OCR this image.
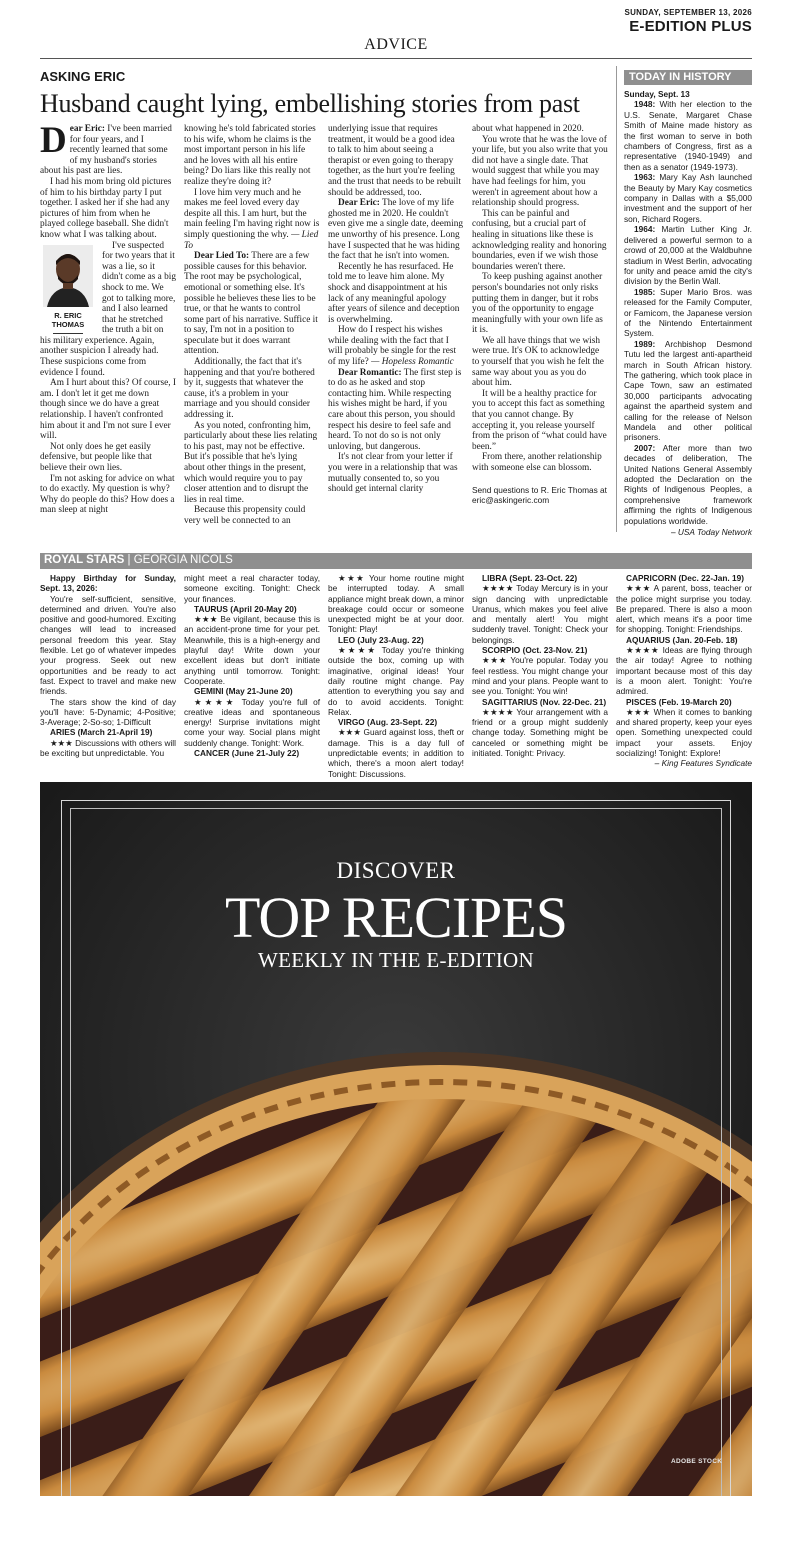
SUNDAY, SEPTEMBER 13, 2026
E-EDITION PLUS
ADVICE
ASKING ERIC
Husband caught lying, embellishing stories from past

Dear Eric: I've been married for four years, and I recently learned that some of my husband's stories about his past are lies.

I had his mom bring old pictures of him to his birthday party I put together. I asked her if she had any pictures of him from when he played college baseball. She didn't know what I was talking about.

R. ERIC
THOMAS

I've suspected for two years that it was a lie, so it didn't come as a big shock to me. We got to talking more, and I also learned that he stretched the truth a bit on his military experience. Again, another suspicion I already had. These suspicions come from evidence I found.

Am I hurt about this? Of course, I am. I don't let it get me down though since we do have a great relationship. I haven't confronted him about it and I'm not sure I ever will.

Not only does he get easily defensive, but people like that believe their own lies.

I'm not asking for advice on what to do exactly. My question is why? Why do people do this? How does a man sleep at night

knowing he's told fabricated stories to his wife, whom he claims is the most important person in his life and he loves with all his entire being? Do liars like this really not realize they're doing it?

I love him very much and he makes me feel loved every day despite all this. I am hurt, but the main feeling I'm having right now is simply questioning the why. — Lied To

Dear Lied To: There are a few possible causes for this behavior. The root may be psychological, emotional or something else. It's possible he believes these lies to be true, or that he wants to control some part of his narrative. Suffice it to say, I'm not in a position to speculate but it does warrant attention.

Additionally, the fact that it's happening and that you're bothered by it, suggests that whatever the cause, it's a problem in your marriage and you should consider addressing it.

As you noted, confronting him, particularly about these lies relating to his past, may not be effective. But it's possible that he's lying about other things in the present, which would require you to pay closer attention and to disrupt the lies in real time.

Because this propensity could very well be connected to an

underlying issue that requires treatment, it would be a good idea to talk to him about seeing a therapist or even going to therapy together, as the hurt you're feeling and the trust that needs to be rebuilt should be addressed, too.

Dear Eric: The love of my life ghosted me in 2020. He couldn't even give me a single date, deeming me unworthy of his presence. Long have I suspected that he was hiding the fact that he isn't into women.

Recently he has resurfaced. He told me to leave him alone. My shock and disappointment at his lack of any meaningful apology after years of silence and deception is overwhelming.

How do I respect his wishes while dealing with the fact that I will probably be single for the rest of my life? — Hopeless Romantic

Dear Romantic: The first step is to do as he asked and stop contacting him. While respecting his wishes might be hard, if you care about this person, you should respect his desire to feel safe and heard. To not do so is not only unloving, but dangerous.

It's not clear from your letter if you were in a relationship that was mutually consented to, so you should get internal clarity

about what happened in 2020.

You wrote that he was the love of your life, but you also write that you did not have a single date. That would suggest that while you may have had feelings for him, you weren't in agreement about how a relationship should progress.

This can be painful and confusing, but a crucial part of healing in situations like these is acknowledging reality and honoring boundaries, even if we wish those boundaries weren't there.

To keep pushing against another person's boundaries not only risks putting them in danger, but it robs you of the opportunity to engage meaningfully with your own life as it is.

We all have things that we wish were true. It's OK to acknowledge to yourself that you wish he felt the same way about you as you do about him.

It will be a healthy practice for you to accept this fact as something that you cannot change. By accepting it, you release yourself from the prison of “what could have been.”

From there, another relationship with someone else can blossom.

Send questions to R. Eric Thomas at eric@askingeric.com

TODAY IN HISTORY

Sunday, Sept. 13

1948: With her election to the U.S. Senate, Margaret Chase Smith of Maine made history as the first woman to serve in both chambers of Congress, first as a representative (1940-1949) and then as a senator (1949-1973).

1963: Mary Kay Ash launched the Beauty by Mary Kay cosmetics company in Dallas with a $5,000 investment and the support of her son, Richard Rogers.

1964: Martin Luther King Jr. delivered a powerful sermon to a crowd of 20,000 at the Waldbuhne stadium in West Berlin, advocating for unity and peace amid the city's division by the Berlin Wall.

1985: Super Mario Bros. was released for the Family Computer, or Famicom, the Japanese version of the Nintendo Entertainment System.

1989: Archbishop Desmond Tutu led the largest anti-apartheid march in South African history. The gathering, which took place in Cape Town, saw an estimated 30,000 participants advocating against the apartheid system and calling for the release of Nelson Mandela and other political prisoners.

2007: After more than two decades of deliberation, The United Nations General Assembly adopted the Declaration on the Rights of Indigenous Peoples, a comprehensive framework affirming the rights of Indigenous populations worldwide.

– USA Today Network

ROYAL STARS | GEORGIA NICOLS

Happy Birthday for Sunday, Sept. 13, 2026:

You're self-sufficient, sensitive, determined and driven. You're also positive and good-humored. Exciting changes will lead to increased personal freedom this year. Stay flexible. Let go of whatever impedes your progress. Seek out new opportunities and be ready to act fast. Expect to travel and make new friends.

The stars show the kind of day you'll have: 5-Dynamic; 4-Positive; 3-Average; 2-So-so; 1-Difficult

ARIES (March 21-April 19)

★★★ Discussions with others will be exciting but unpredictable. You

might meet a real character today, someone exciting. Tonight: Check your finances.

TAURUS (April 20-May 20)

★★★ Be vigilant, because this is an accident-prone time for your pet. Meanwhile, this is a high-energy and playful day! Write down your excellent ideas but don't initiate anything until tomorrow. Tonight: Cooperate.

GEMINI (May 21-June 20)

★★★★ Today you're full of creative ideas and spontaneous energy! Surprise invitations might come your way. Social plans might suddenly change. Tonight: Work.

CANCER (June 21-July 22)

★★★ Your home routine might be interrupted today. A small appliance might break down, a minor breakage could occur or someone unexpected might be at your door. Tonight: Play!

LEO (July 23-Aug. 22)

★★★★ Today you're thinking outside the box, coming up with imaginative, original ideas! Your daily routine might change. Pay attention to everything you say and do to avoid accidents. Tonight: Relax.

VIRGO (Aug. 23-Sept. 22)

★★★ Guard against loss, theft or damage. This is a day full of unpredictable events; in addition to which, there's a moon alert today! Tonight: Discussions.

LIBRA (Sept. 23-Oct. 22)

★★★★ Today Mercury is in your sign dancing with unpredictable Uranus, which makes you feel alive and mentally alert! You might suddenly travel. Tonight: Check your belongings.

SCORPIO (Oct. 23-Nov. 21)

★★★ You're popular. Today you feel restless. You might change your mind and your plans. People want to see you. Tonight: You win!

SAGITTARIUS (Nov. 22-Dec. 21)

★★★★ Your arrangement with a friend or a group might suddenly change today. Something might be canceled or something might be initiated. Tonight: Privacy.

CAPRICORN (Dec. 22-Jan. 19)

★★★ A parent, boss, teacher or the police might surprise you today. Be prepared. There is also a moon alert, which means it's a poor time for shopping. Tonight: Friendships.

AQUARIUS (Jan. 20-Feb. 18)

★★★★ Ideas are flying through the air today! Agree to nothing important because most of this day is a moon alert. Tonight: You're admired.

PISCES (Feb. 19-March 20)

★★★ When it comes to banking and shared property, keep your eyes open. Something unexpected could impact your assets. Enjoy socializing! Tonight: Explore!

– King Features Syndicate

DISCOVER
TOP RECIPES
WEEKLY IN THE E-EDITION
ADOBE STOCK
